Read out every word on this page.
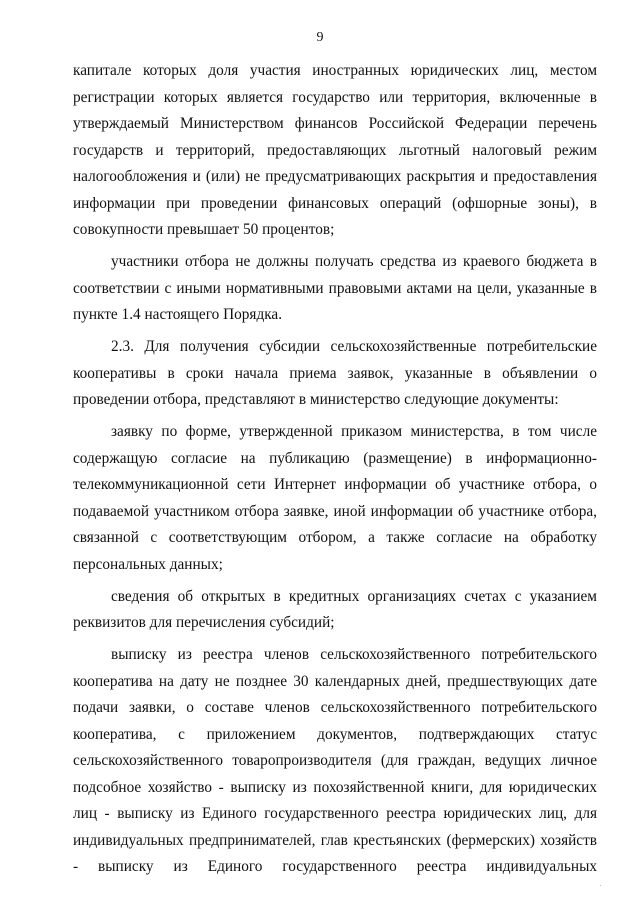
9

капитале которых доля участия иностранных юридических лиц, местом регистрации которых является государство или территория, включенные в утверждаемый Министерством финансов Российской Федерации перечень государств и территорий, предоставляющих льготный налоговый режим налогообложения и (или) не предусматривающих раскрытия и предоставления информации при проведении финансовых операций (офшорные зоны), в совокупности превышает 50 процентов;

участники отбора не должны получать средства из краевого бюджета в соответствии с иными нормативными правовыми актами на цели, указанные в пункте 1.4 настоящего Порядка.

2.3. Для получения субсидии сельскохозяйственные потребительские кооперативы в сроки начала приема заявок, указанные в объявлении о проведении отбора, представляют в министерство следующие документы:

заявку по форме, утвержденной приказом министерства, в том числе содержащую согласие на публикацию (размещение) в информационно-телекоммуникационной сети Интернет информации об участнике отбора, о подаваемой участником отбора заявке, иной информации об участнике отбора, связанной с соответствующим отбором, а также согласие на обработку персональных данных;

сведения об открытых в кредитных организациях счетах с указанием реквизитов для перечисления субсидий;

выписку из реестра членов сельскохозяйственного потребительского кооператива на дату не позднее 30 календарных дней, предшествующих дате подачи заявки, о составе членов сельскохозяйственного потребительского кооператива, с приложением документов, подтверждающих статус сельскохозяйственного товаропроизводителя (для граждан, ведущих личное подсобное хозяйство - выписку из похозяйственной книги, для юридических лиц - выписку из Единого государственного реестра юридических лиц, для индивидуальных предпринимателей, глав крестьянских (фермерских) хозяйств - выписку из Единого государственного реестра индивидуальных
